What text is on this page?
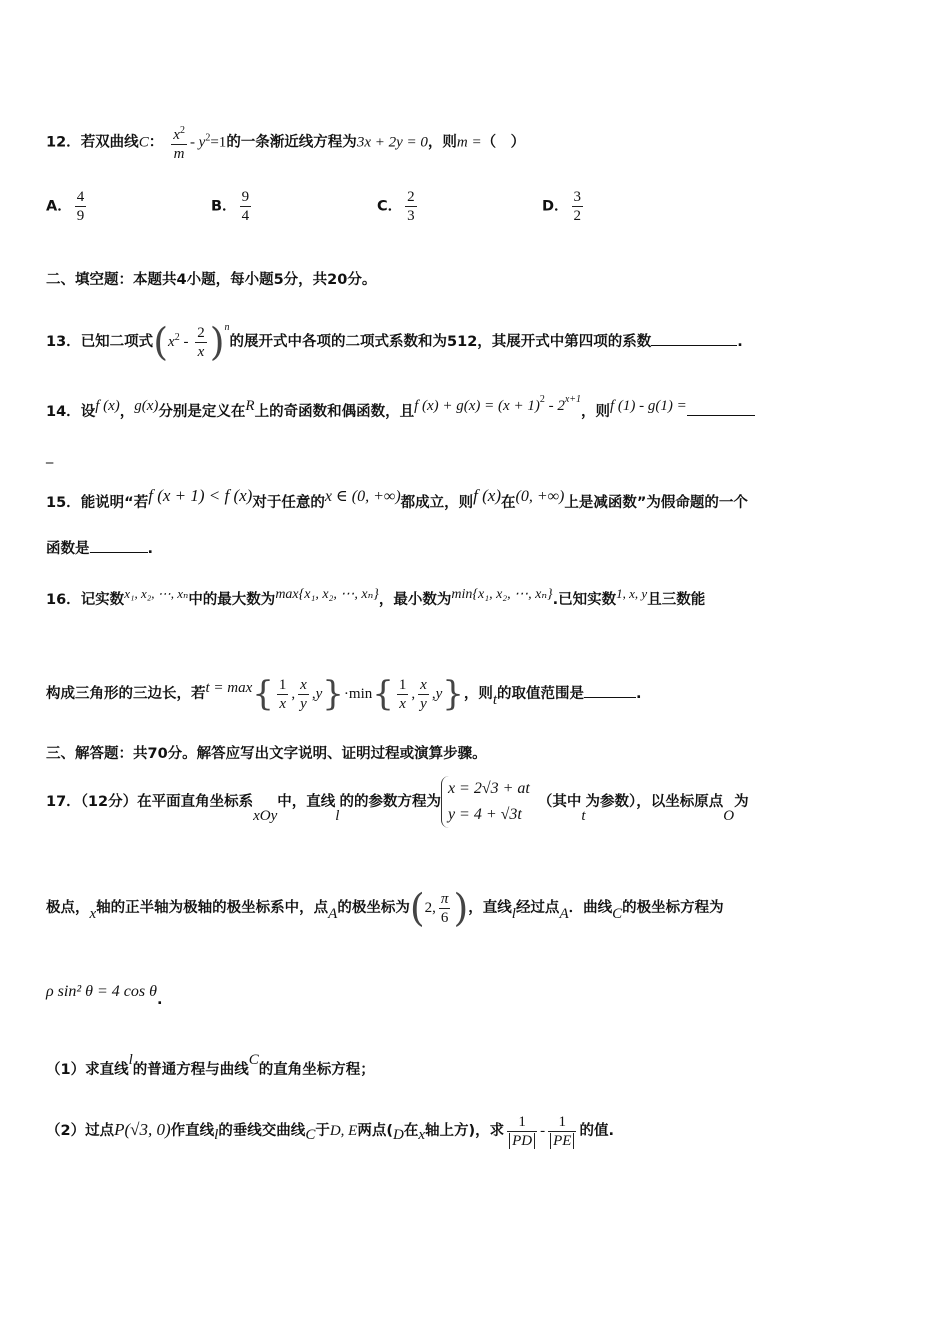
12．若双曲线C： $\frac{x^2}{m} - y^2=1$的一条渐近线方程为3x + 2y = 0，则m =（　）
A． $\frac{4}{9}$	B． $\frac{9}{4}$	C． $\frac{2}{3}$	D． $\frac{3}{2}$
二、填空题：本题共4小题，每小题5分，共20分。
13．已知二项式$(x^2 - \frac{2}{x} )^n$的展开式中各项的二项式系数和为512，其展开式中第四项的系数	.
14．设f (x)，g(x)分别是定义在R上的奇函数和偶函数，且f $(x) + g(x) = (x + 1)^2 - 2^{x+1}$，则f (1) - g(1) =
_
15．能说明“若f (x + 1) < f (x)对于任意的x ∈ (0, +∞)都成立，则f (x)在(0, +∞)上是减函数”为假命题的一个
函数是	.
16．记实数x₁, x₂, ⋯, xₙ中的最大数为max{x₁, x₂, ⋯, xₙ}，最小数为min{x₁, x₂, ⋯, xₙ}.已知实数1, x, y且三数能
构成三角形的三边长，若$t = \max\{ \frac{1}{x}$ , $\frac{x}{y} ,y\}\cdot\min\{ \frac{1}{x}$ , $\frac{x}{y} ,y$}，则t的取值范围是	.
三、解答题：共70分。解答应写出文字说明、证明过程或演算步骤。
17．（12分）在平面直角坐标系xOy中，直线l的的参数方程为
x = 2√3 + at
y = 4 + √3t
（其中t为参数），以坐标原点O为
极点，x轴的正半轴为极轴的极坐标系中，点A的极坐标为(2, $\frac{\pi}{6}$ )，直线l经过点A．曲线C的极坐标方程为
ρ sin² θ = 4 cos θ.
（1）求直线l的普通方程与曲线C的直角坐标方程；
（2）过点P(√3, 0)作直线l的垂线交曲线C于D, E两点(D在x轴上方)，求 $\frac{1}{PD} - \frac{1}{PE}$ 的值.
